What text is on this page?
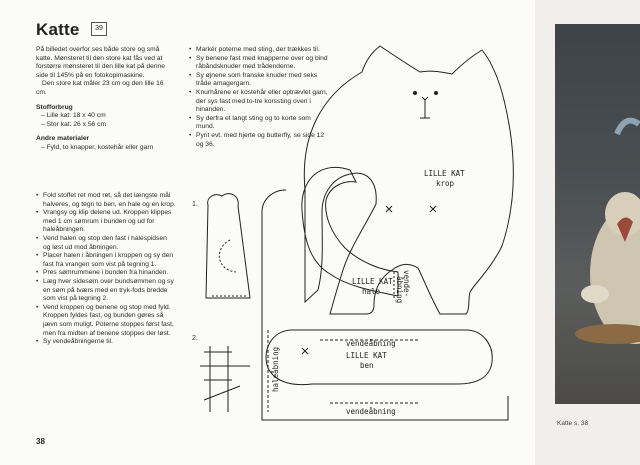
Katte s. 38
Katte	39

På billedet overfor ses både store og små katte. Mønsteret til den store kat fås ved at forstørre mønsteret til den lille kat på denne side til 145% på en fotokopimaskine.

Den store kat måler 23 cm og den lille 16 cm.

Stofforbrug

– Lille kat: 18 x 40 cm

– Stor kat: 26 x 56 cm

Andre materialer

– Fyld, to knapper, kostehår eller garn

• Fold stoffet ret mod ret, så det længste mål halveres, og tegn to ben, en hale og en krop.
• Vrangsy og klip delene ud. Kroppen klippes med 1 cm sømrum i bunden og ud for haleåbningen.
• Vend halen og stop den fast i halespidsen og løst ud mod åbningen.
• Placer halen i åbningen i kroppen og sy den fast fra vrangen som vist på tegning 1.
• Pres sømrummene i bunden fra hinanden.
• Læg hver sidesøm over bundsømmen og sy en søm på tværs med en tryk-fods bredde som vist på tegning 2.
• Vend kroppen og benene og stop med fyld. Kroppen fyldes fast, og bunden gøres så jævn som muligt. Poterne stoppes først fast, men fra midten af benene stoppes der løst.
• Sy vendeåbningerne til.
• Markér poterne med sting, der trækkes til.
• Sy benene fast med knapperne over og bind råbåndsknuder med trådenderne.
• Sy øjnene som franske knuder med seks tråde amagergarn.
• Knurhårene er kostehår eller optrævlet garn, der sys fast med to-tre korssting oven i hinanden.
• Sy derfra et langt sting og to korte som mund.
• Pynt evt. med hjerte og butterfly, se side 12 og 36.
38
LILLE KAT
krop
LILLE KAT
hale	vende-
åbning
vendeåbning
LILLE KAT
ben
haleåbning
vendeåbning
1.
2.
